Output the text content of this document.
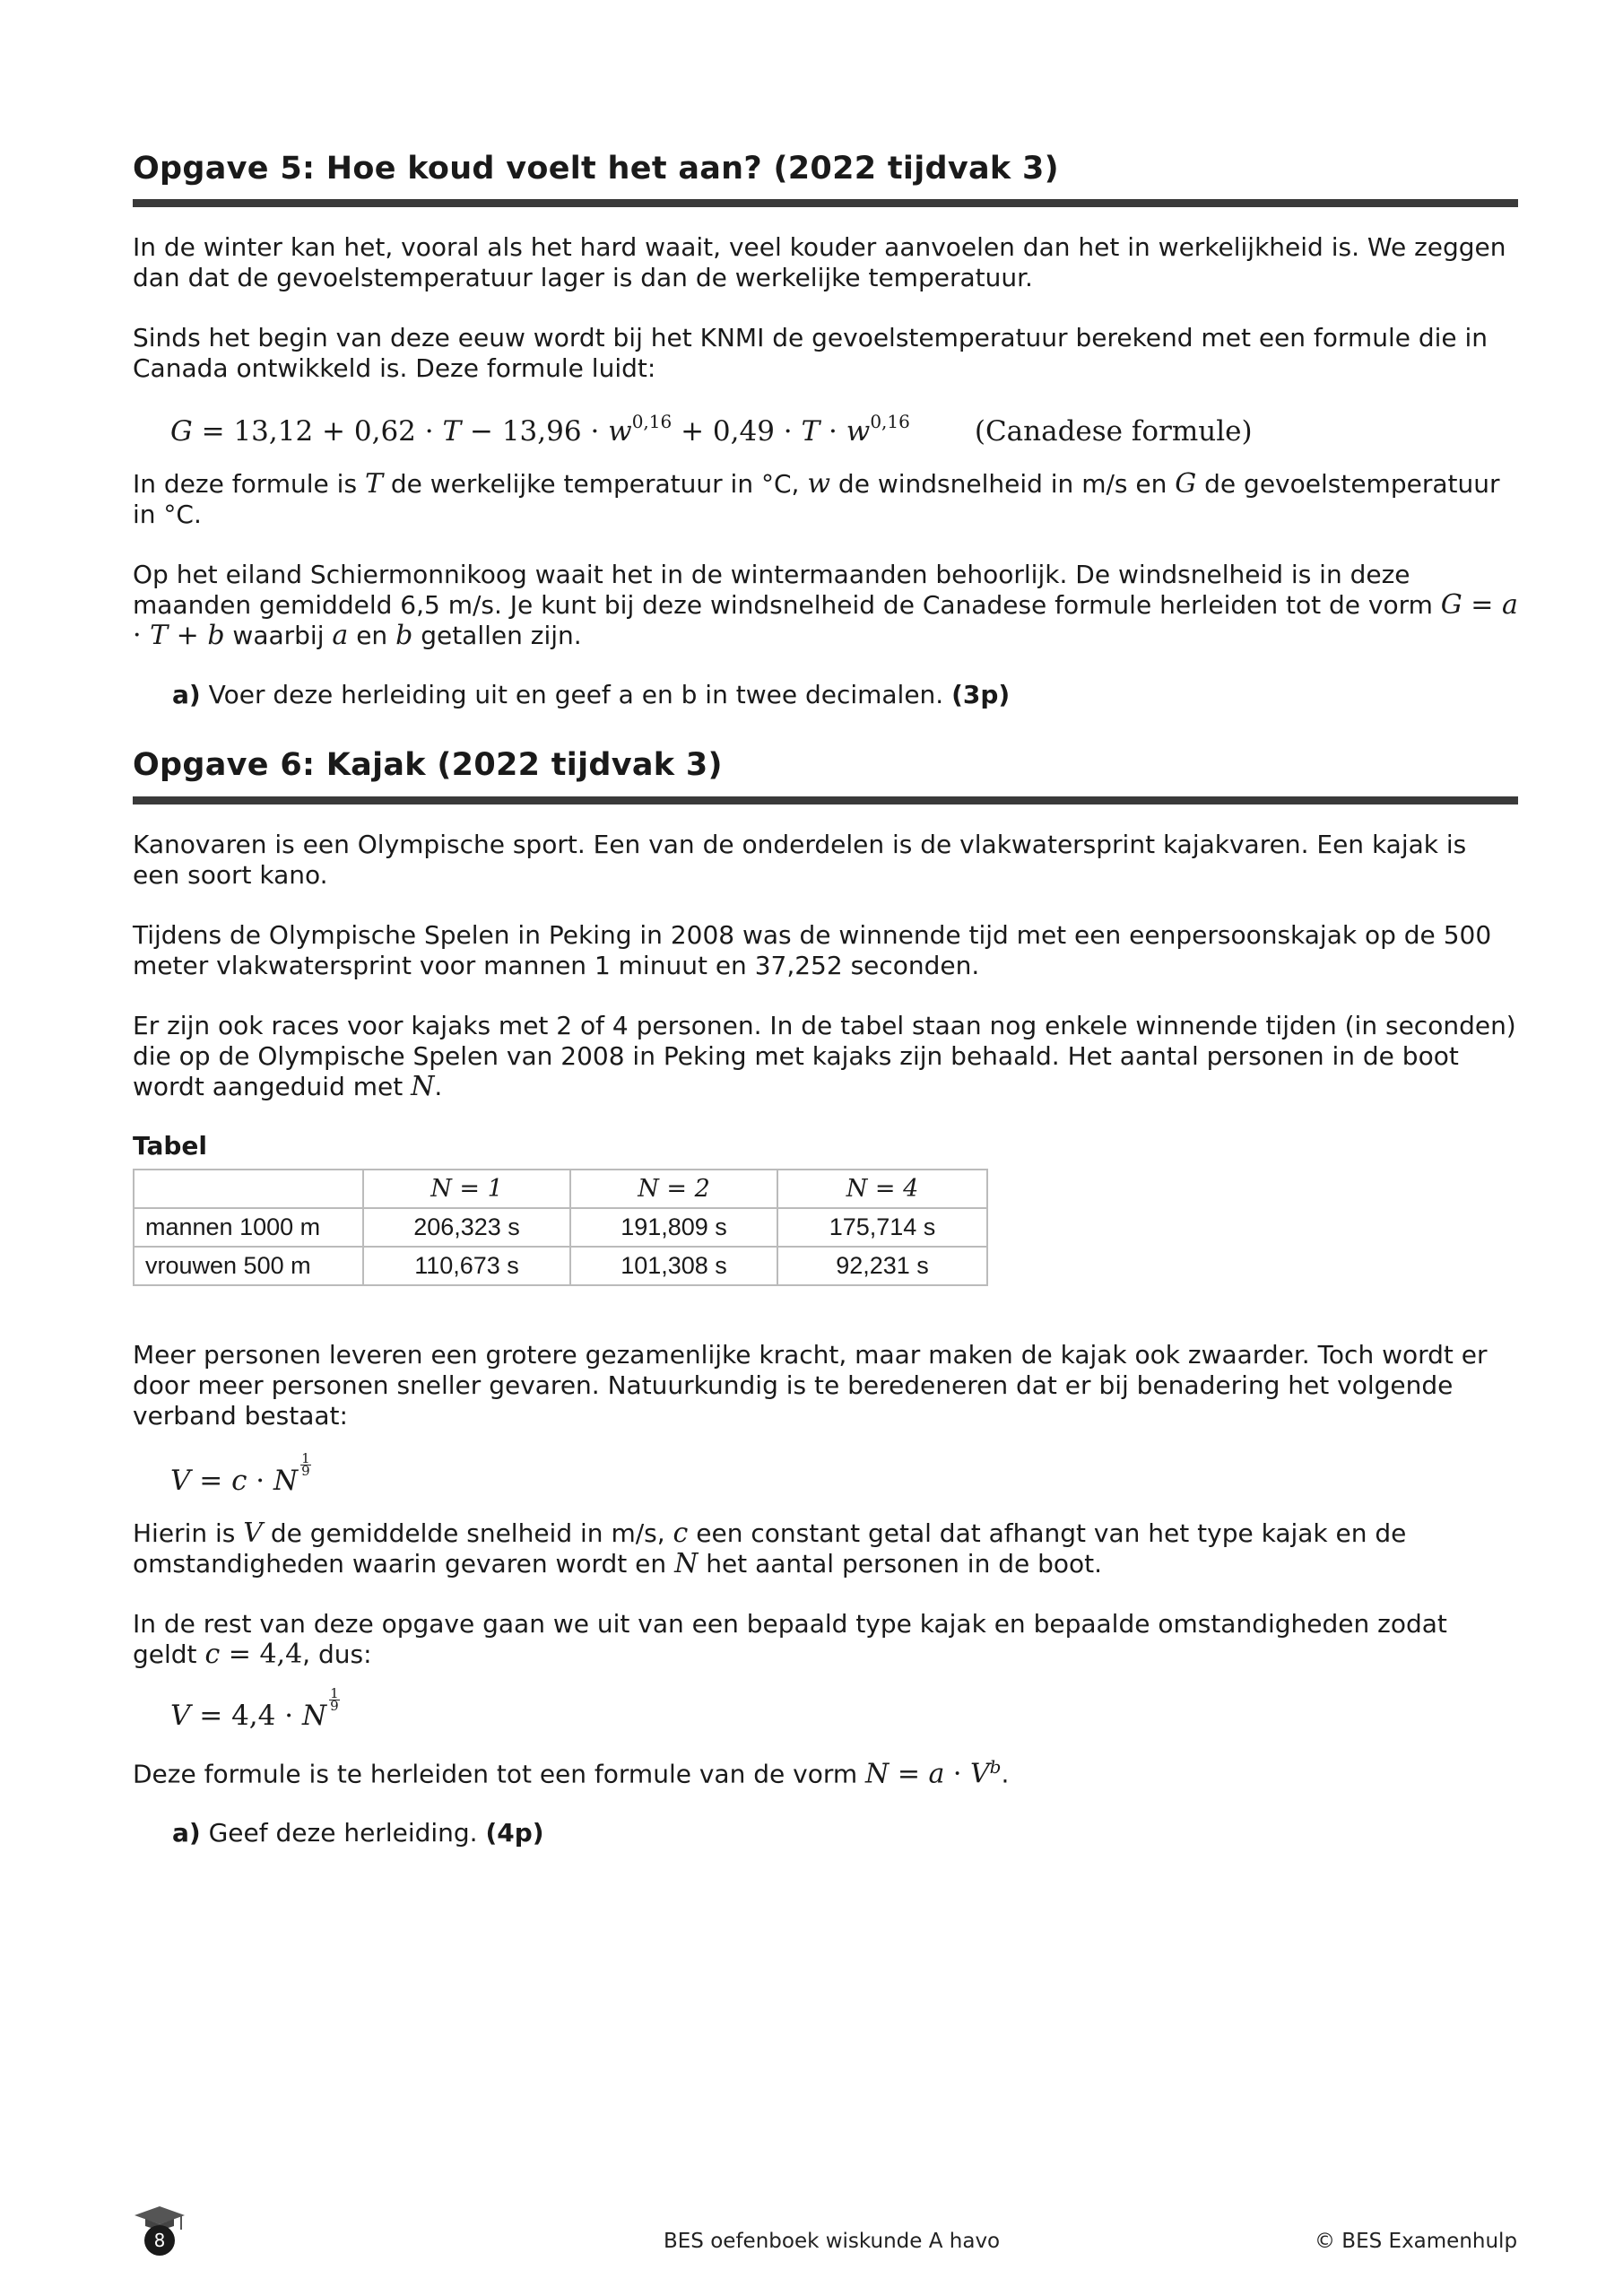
Opgave 5: Hoe koud voelt het aan? (2022 tijdvak 3)

In de winter kan het, vooral als het hard waait, veel kouder aanvoelen dan het in werkelijkheid is. We zeggen dan dat de gevoelstemperatuur lager is dan de werkelijke temperatuur.

Sinds het begin van deze eeuw wordt bij het KNMI de gevoelstemperatuur berekend met een formule die in Canada ontwikkeld is. Deze formule luidt:

$G = 13,12 + 0,62 \cdot T - 13,96 \cdot w^{0,16} + 0,49 \cdot T \cdot w^{0,16}$ (Canadese formule)

In deze formule is T de werkelijke temperatuur in °C, w de windsnelheid in m/s en G de gevoelstemperatuur in °C.

Op het eiland Schiermonnikoog waait het in de wintermaanden behoorlijk. De windsnelheid is in deze maanden gemiddeld 6,5 m/s. Je kunt bij deze windsnelheid de Canadese formule herleiden tot de vorm G = a · T + b waarbij a en b getallen zijn.

a) Voer deze herleiding uit en geef a en b in twee decimalen. (3p)

Opgave 6: Kajak (2022 tijdvak 3)

Kanovaren is een Olympische sport. Een van de onderdelen is de vlakwatersprint kajakvaren. Een kajak is een soort kano.

Tijdens de Olympische Spelen in Peking in 2008 was de winnende tijd met een eenpersoonskajak op de 500 meter vlakwatersprint voor mannen 1 minuut en 37,252 seconden.

Er zijn ook races voor kajaks met 2 of 4 personen. In de tabel staan nog enkele winnende tijden (in seconden) die op de Olympische Spelen van 2008 in Peking met kajaks zijn behaald. Het aantal personen in de boot wordt aangeduid met N.

Tabel
	N = 1	N = 2	N = 4
mannen 1000 m	206,323 s	191,809 s	175,714 s
vrouwen 500 m	110,673 s	101,308 s	92,231 s

Meer personen leveren een grotere gezamenlijke kracht, maar maken de kajak ook zwaarder. Toch wordt er door meer personen sneller gevaren. Natuurkundig is te beredeneren dat er bij benadering het volgende verband bestaat:

V = c · N $\frac{1}{9}$

Hierin is V de gemiddelde snelheid in m/s, c een constant getal dat afhangt van het type kajak en de omstandigheden waarin gevaren wordt en N het aantal personen in de boot.

In de rest van deze opgave gaan we uit van een bepaald type kajak en bepaalde omstandigheden zodat geldt c = 4,4, dus:

V = 4,4 · N $\frac{1}{9}$

Deze formule is te herleiden tot een formule van de vorm $N = a \cdot V^b$.

a) Geef deze herleiding. (4p)

8	BES oefenboek wiskunde A havo	© BES Examenhulp
